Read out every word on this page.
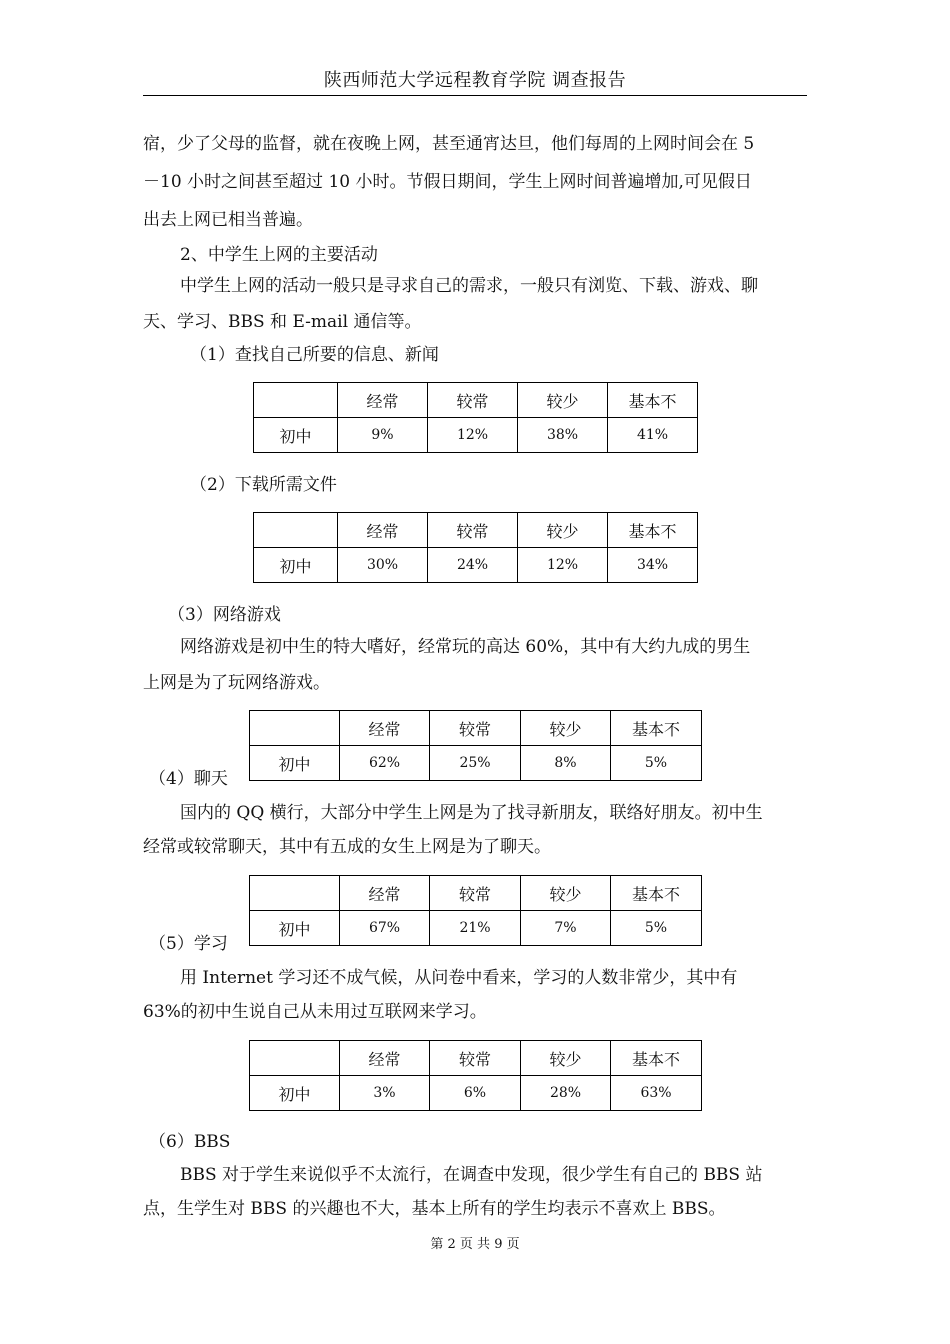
陕西师范大学远程教育学院 调查报告
宿，少了父母的监督，就在夜晚上网，甚至通宵达旦，他们每周的上网时间会在 5
－10 小时之间甚至超过 10 小时。节假日期间，学生上网时间普遍增加,可见假日
出去上网已相当普遍。
2、中学生上网的主要活动
中学生上网的活动一般只是寻求自己的需求，一般只有浏览、下载、游戏、聊
天、学习、BBS 和 E-mail 通信等。
（1）查找自己所要的信息、新闻
	经常	较常	较少	基本不
初中	9%	12%	38%	41%
（2）下载所需文件
	经常	较常	较少	基本不
初中	30%	24%	12%	34%
（3）网络游戏
网络游戏是初中生的特大嗜好，经常玩的高达 60%，其中有大约九成的男生
上网是为了玩网络游戏。
	经常	较常	较少	基本不
初中	62%	25%	8%	5%
（4）聊天
国内的 QQ 横行，大部分中学生上网是为了找寻新朋友，联络好朋友。初中生
经常或较常聊天，其中有五成的女生上网是为了聊天。
	经常	较常	较少	基本不
初中	67%	21%	7%	5%
（5）学习
用 Internet 学习还不成气候，从问卷中看来，学习的人数非常少，其中有
63%的初中生说自己从未用过互联网来学习。
	经常	较常	较少	基本不
初中	3%	6%	28%	63%
（6）BBS
BBS 对于学生来说似乎不太流行，在调查中发现，很少学生有自己的 BBS 站
点，生学生对 BBS 的兴趣也不大，基本上所有的学生均表示不喜欢上 BBS。
第 2 页 共 9 页
